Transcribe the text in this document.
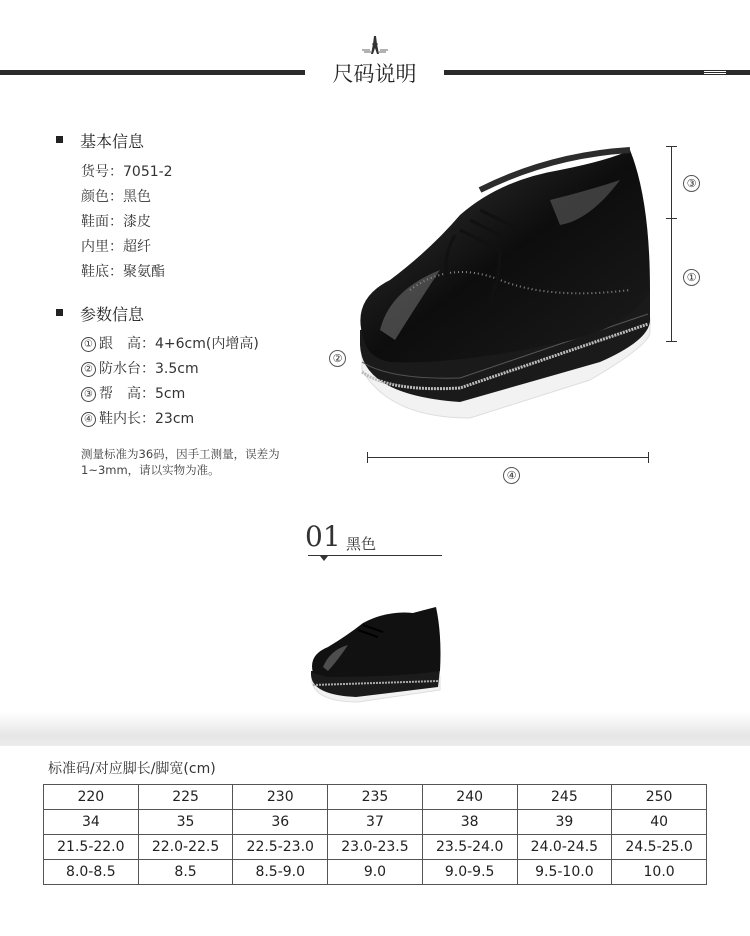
尺码说明
基本信息
货号：7051-2
颜色：黑色
鞋面：漆皮
内里：超纤
鞋底：聚氨酯
参数信息
① 跟　高：4+6cm(内增高)
② 防水台：3.5cm
③ 帮　高：5cm
④ 鞋内长：23cm
测量标准为36码，因手工测量，误差为
1~3mm，请以实物为准。
③
①
②
④
01 黑色
标准码/对应脚长/脚宽(cm)
220	225	230	235	240	245	250
34	35	36	37	38	39	40
21.5-22.0	22.0-22.5	22.5-23.0	23.0-23.5	23.5-24.0	24.0-24.5	24.5-25.0
8.0-8.5	8.5	8.5-9.0	9.0	9.0-9.5	9.5-10.0	10.0
